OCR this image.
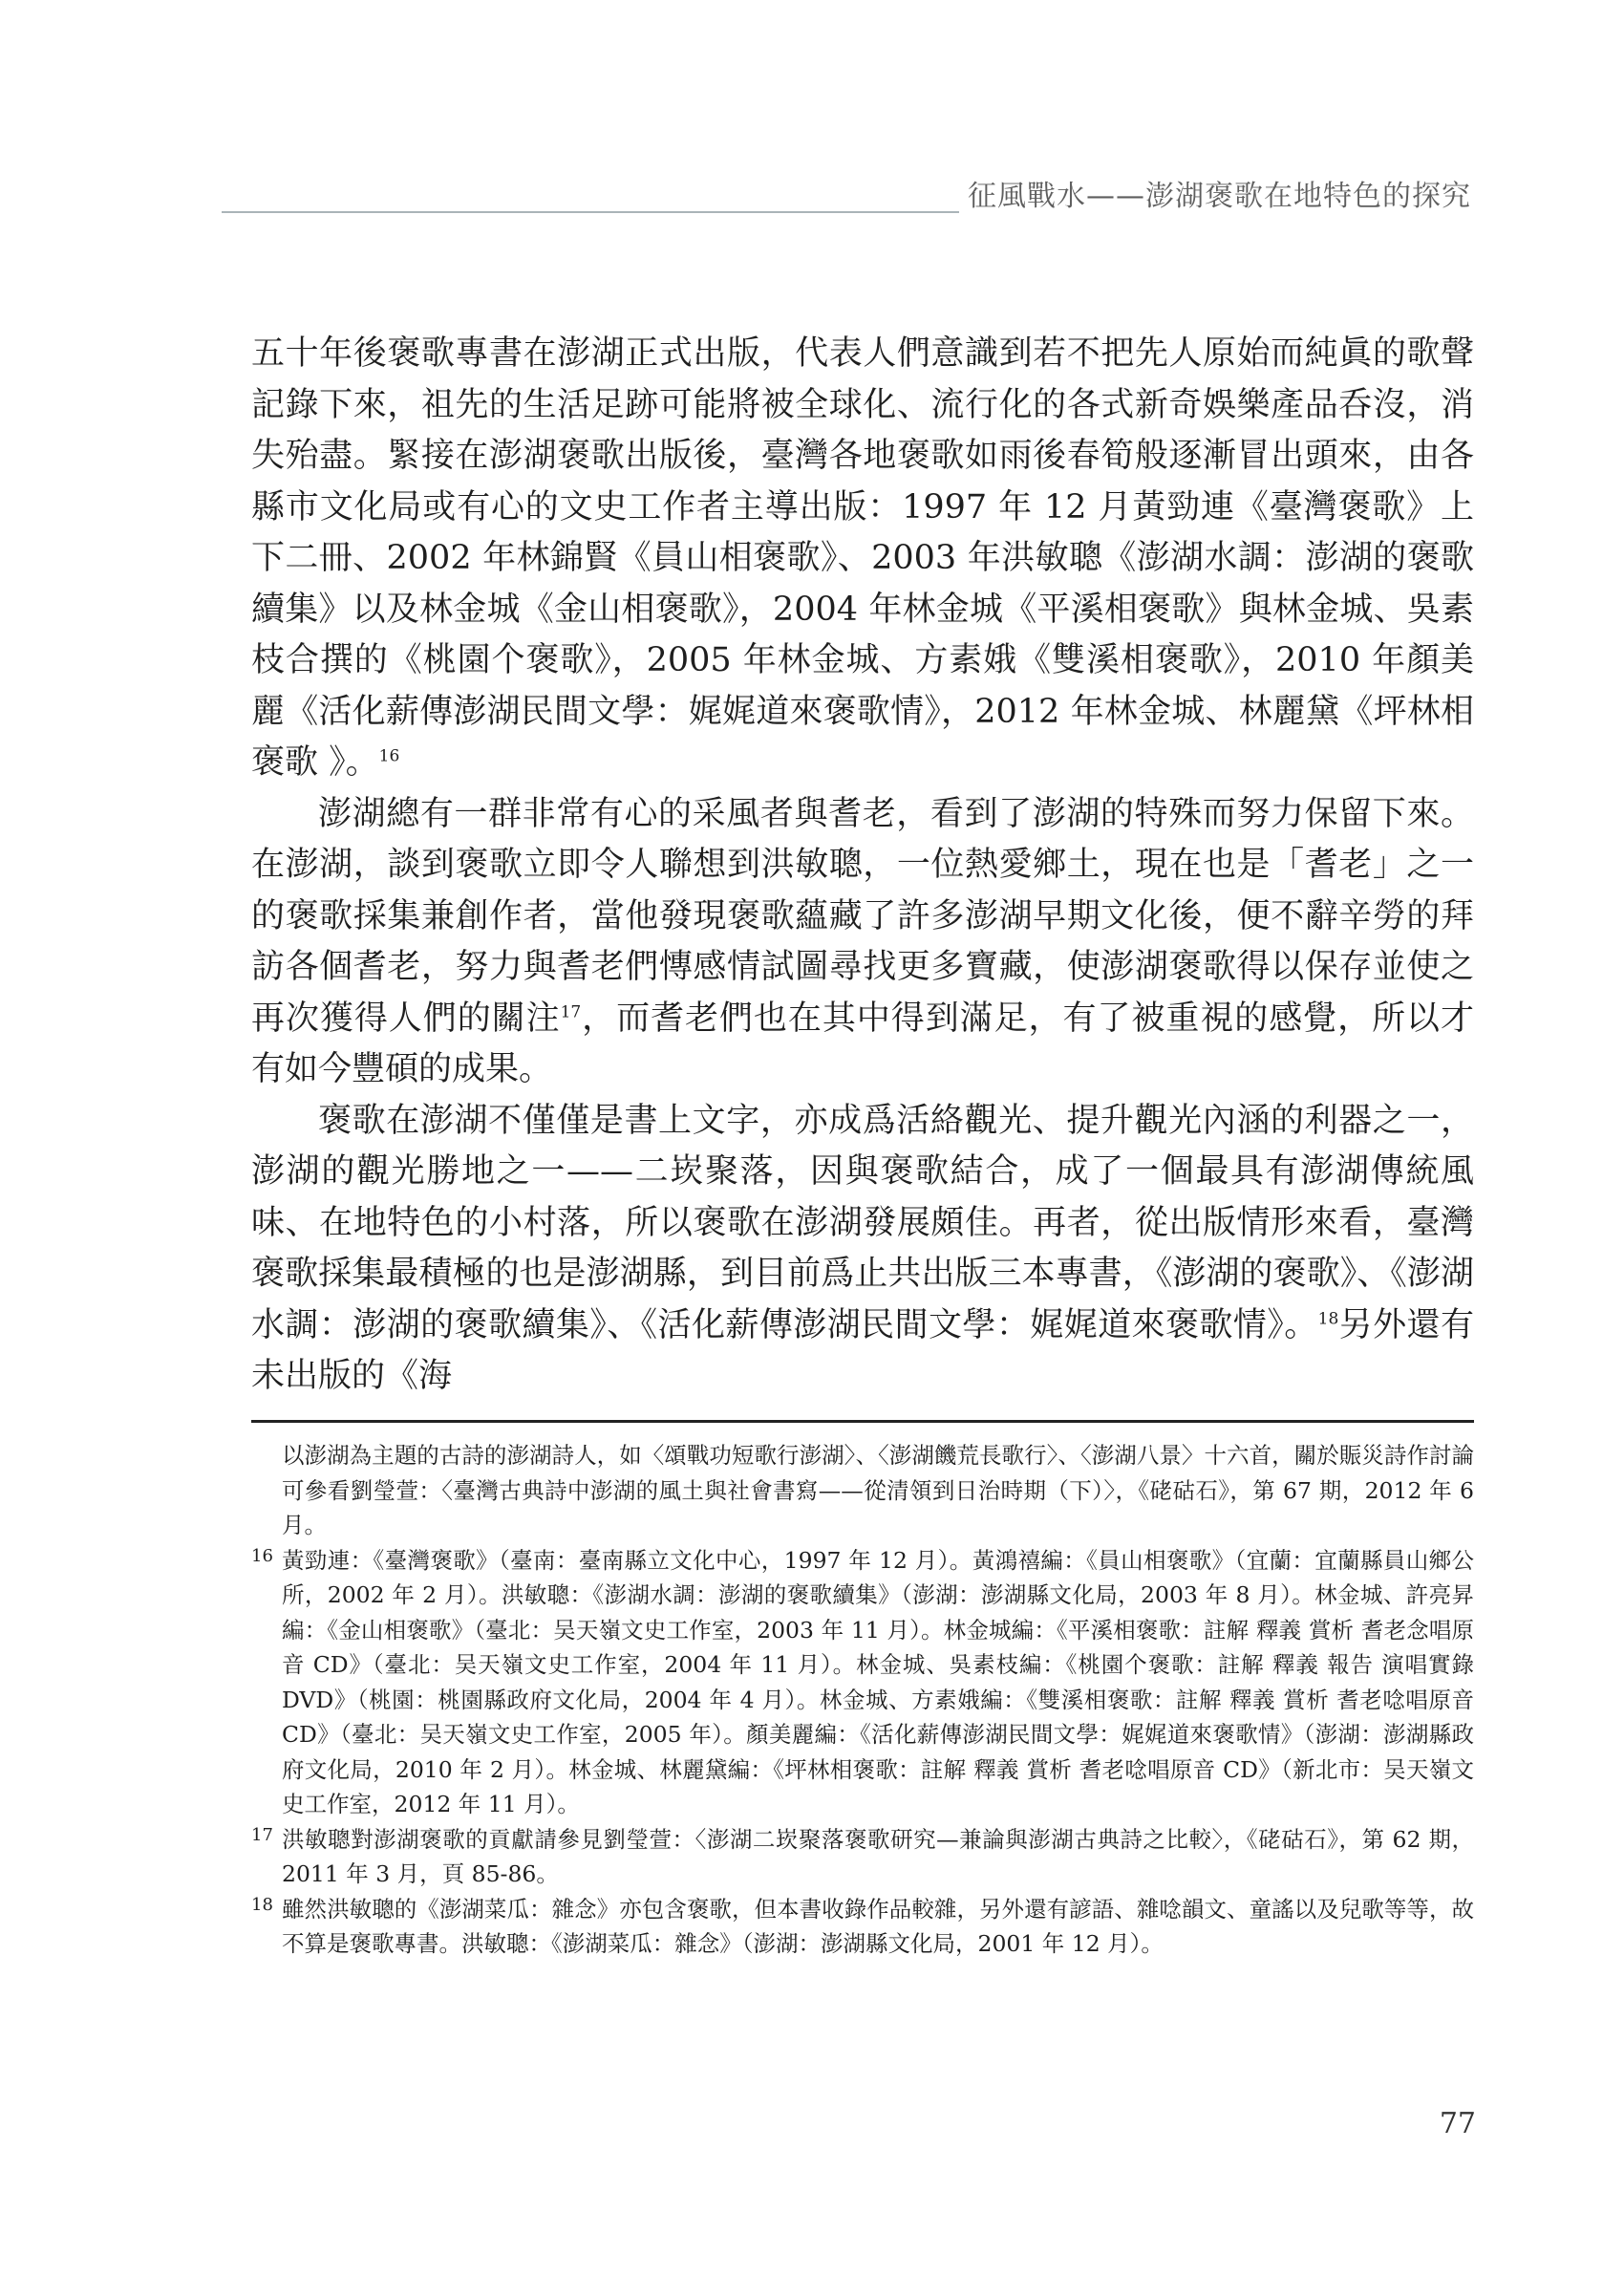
征風戰水——澎湖褒歌在地特色的探究

五十年後褒歌專書在澎湖正式出版，代表人們意識到若不把先人原始而純眞的歌聲記錄下來，祖先的生活足跡可能將被全球化、流行化的各式新奇娛樂產品呑沒，消失殆盡。緊接在澎湖褒歌出版後，臺灣各地褒歌如雨後春筍般逐漸冒出頭來，由各縣市文化局或有心的文史工作者主導出版：1997 年 12 月黃勁連《臺灣褒歌》上下二冊、2002 年林錦賢《員山相褒歌》、2003 年洪敏聰《澎湖水調：澎湖的褒歌續集》以及林金城《金山相褒歌》，2004 年林金城《平溪相褒歌》與林金城、吳素枝合撰的《桃園个褒歌》，2005 年林金城、方素娥《雙溪相褒歌》，2010 年顏美麗《活化薪傳澎湖民間文學：娓娓道來褒歌情》，2012 年林金城、林麗黛《坪林相褒歌 》。$^{16}$

澎湖總有一群非常有心的采風者與耆老，看到了澎湖的特殊而努力保留下來。在澎湖，談到褒歌立即令人聯想到洪敏聰，一位熱愛鄉土，現在也是「耆老」之一的褒歌採集兼創作者，當他發現褒歌蘊藏了許多澎湖早期文化後，便不辭辛勞的拜訪各個耆老，努力與耆老們慱感情試圖尋找更多寶藏，使澎湖褒歌得以保存並使之再次獲得人們的關注$^{17}$，而耆老們也在其中得到滿足，有了被重視的感覺，所以才有如今豐碩的成果。

褒歌在澎湖不僅僅是書上文字，亦成爲活絡觀光、提升觀光內涵的利器之一，澎湖的觀光勝地之一——二崁聚落，因與褒歌結合，成了一個最具有澎湖傳統風味、在地特色的小村落，所以褒歌在澎湖發展頗佳。再者，從出版情形來看，臺灣褒歌採集最積極的也是澎湖縣，到目前爲止共出版三本專書，《澎湖的褒歌》、《澎湖水調：澎湖的褒歌續集》、《活化薪傳澎湖民間文學：娓娓道來褒歌情》。$^{18}$另外還有未出版的《海

以澎湖為主題的古詩的澎湖詩人，如〈頌戰功短歌行澎湖〉、〈澎湖饑荒長歌行〉、〈澎湖八景〉十六首，關於賑災詩作討論可參看劉瑩萱：〈臺灣古典詩中澎湖的風土與社會書寫——從清領到日治時期（下）〉，《硓𥑮石》，第 67 期，2012 年 6 月。
16 黃勁連：《臺灣褒歌》（臺南：臺南縣立文化中心，1997 年 12 月）。黃鴻禧編：《員山相褒歌》（宜蘭：宜蘭縣員山鄉公所，2002 年 2 月）。洪敏聰：《澎湖水調：澎湖的褒歌續集》（澎湖：澎湖縣文化局，2003 年 8 月）。林金城、許亮昇編：《金山相褒歌》（臺北：吴天嶺文史工作室，2003 年 11 月）。林金城編：《平溪相褒歌：註解 釋義 賞析 耆老念唱原音 CD》（臺北：吴天嶺文史工作室，2004 年 11 月）。林金城、吳素枝編：《桃園个褒歌：註解 釋義 報告 演唱實錄 DVD》（桃園：桃園縣政府文化局，2004 年 4 月）。林金城、方素娥編：《雙溪相褒歌：註解 釋義 賞析 耆老唸唱原音 CD》（臺北：吴天嶺文史工作室，2005 年）。顏美麗編：《活化薪傳澎湖民間文學：娓娓道來褒歌情》（澎湖：澎湖縣政府文化局，2010 年 2 月）。林金城、林麗黛編：《坪林相褒歌：註解 釋義 賞析 耆老唸唱原音 CD》（新北市：吴天嶺文史工作室，2012 年 11 月）。
17 洪敏聰對澎湖褒歌的貢獻請參見劉瑩萱：〈澎湖二崁聚落褒歌研究—兼論與澎湖古典詩之比較〉，《硓𥑮石》，第 62 期，2011 年 3 月，頁 85-86。
18 雖然洪敏聰的《澎湖菜瓜：雜念》亦包含褒歌，但本書收錄作品較雜，另外還有諺語、雜唸韻文、童謠以及兒歌等等，故不算是褒歌專書。洪敏聰：《澎湖菜瓜：雜念》（澎湖：澎湖縣文化局，2001 年 12 月）。
77
